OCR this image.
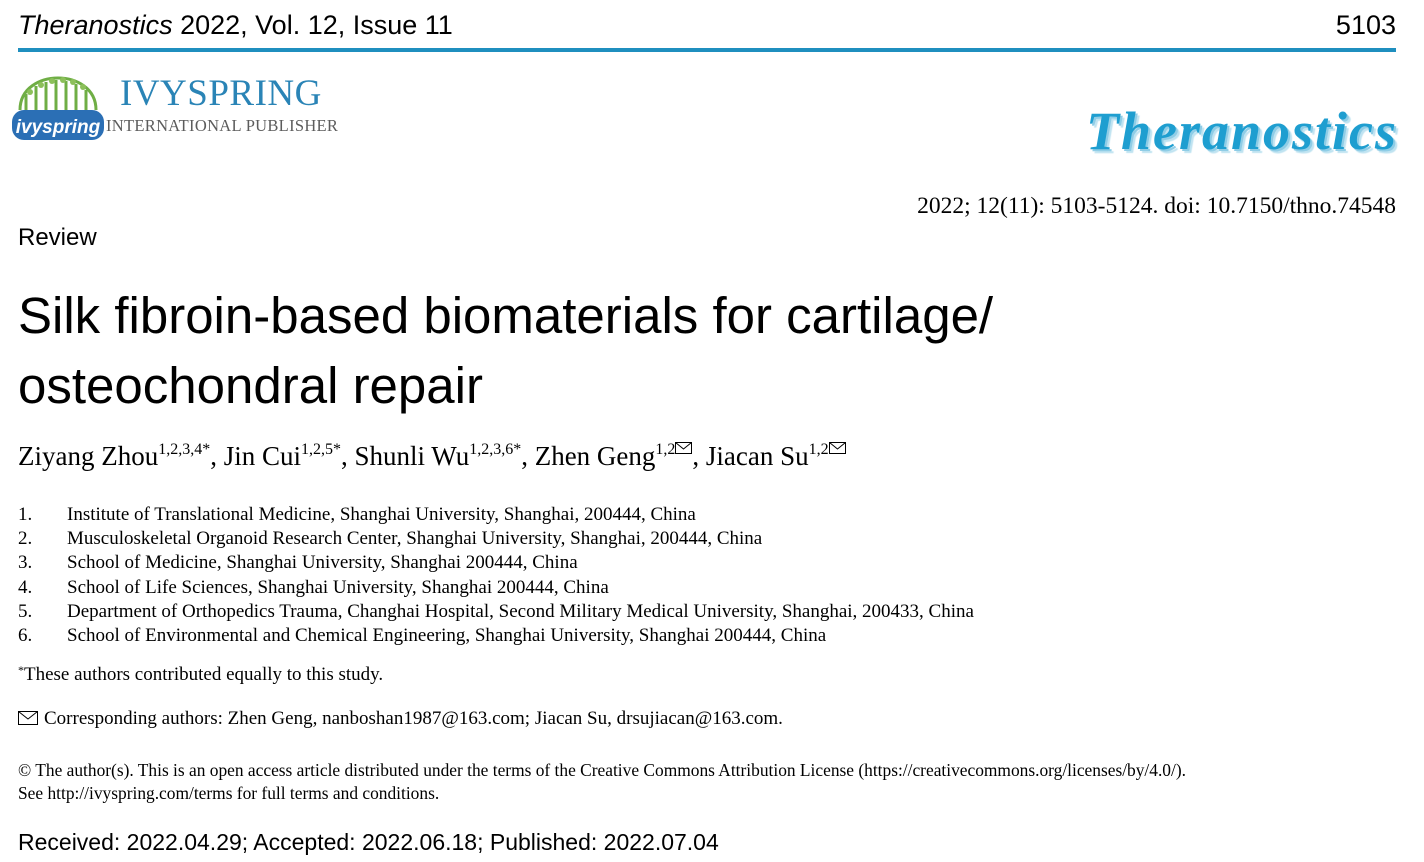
Theranostics 2022, Vol. 12, Issue 11	5103
ivyspring
IVYSPRING
INTERNATIONAL PUBLISHER	Theranostics
2022; 12(11): 5103-5124. doi: 10.7150/thno.74548
Review
Silk fibroin-based biomaterials for cartilage/
osteochondral repair
Ziyang Zhou$^{1,2,3,4*}$, Jin Cui$^{1,2,5*}$, Shunli $Wu^{1,2,3,6*}$, Zhen Geng$^{1,2}$ , Jiacan Su$^{1,2}$
1.	Institute of Translational Medicine, Shanghai University, Shanghai, 200444, China
2.	Musculoskeletal Organoid Research Center, Shanghai University, Shanghai, 200444, China
3.	School of Medicine, Shanghai University, Shanghai 200444, China
4.	School of Life Sciences, Shanghai University, Shanghai 200444, China
5.	Department of Orthopedics Trauma, Changhai Hospital, Second Military Medical University, Shanghai, 200433, China
6.	School of Environmental and Chemical Engineering, Shanghai University, Shanghai 200444, China
*These authors contributed equally to this study.
Corresponding authors: Zhen Geng, nanboshan1987@163.com; Jiacan Su, drsujiacan@163.com.
© The author(s). This is an open access article distributed under the terms of the Creative Commons Attribution License (https://creativecommons.org/licenses/by/4.0/).
See http://ivyspring.com/terms for full terms and conditions.
Received: 2022.04.29; Accepted: 2022.06.18; Published: 2022.07.04
